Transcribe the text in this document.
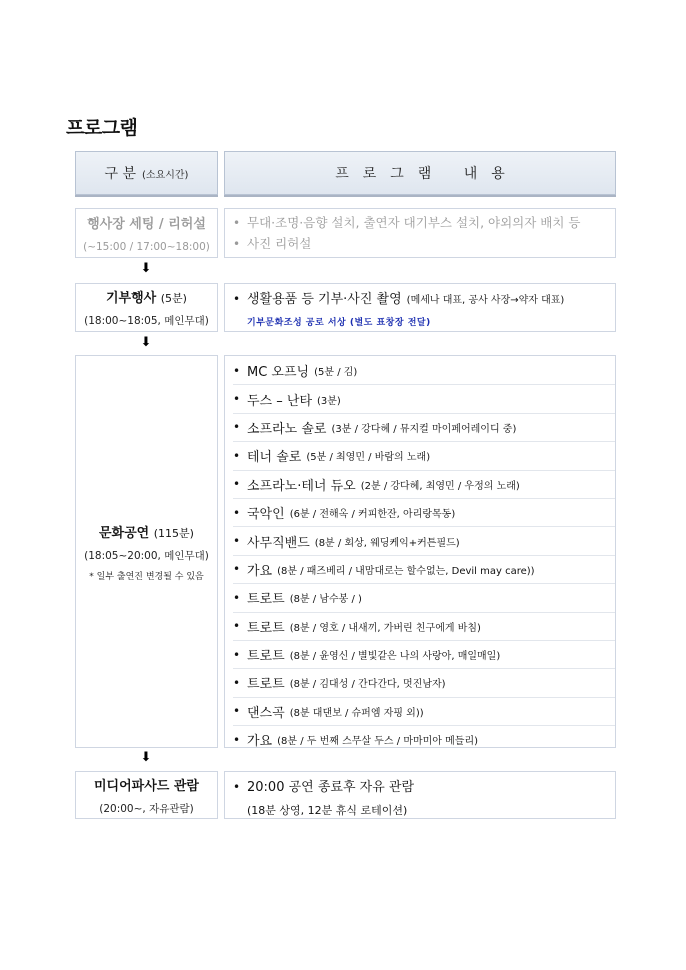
프로그램
구 분 (소요시간)	프로그램 내용
행사장 세팅 / 리허설
(~15:00 / 17:00~18:00)
• 무대·조명·음향 설치, 출연자 대기부스 설치, 야외의자 배치 등
• 사진 리허설
⬇
기부행사 (5분)
(18:00~18:05, 메인무대)
• 생활용품 등 기부·사진 촬영 (메세나 대표, 공사 사장→약자 대표)
기부문화조성 공로 서상 (별도 표창장 전달)
⬇
문화공연 (115분)
(18:05~20:00, 메인무대)
* 일부 출연진 변경될 수 있음
• MC 오프닝 (5분 / 김)
• 두스 – 난타 (3분)
• 소프라노 솔로 (3분 / 강다혜 / 뮤지컬 마이페어레이디 중)
• 테너 솔로 (5분 / 최영민 / 바람의 노래)
• 소프라노·테너 듀오 (2분 / 강다혜, 최영민 / 우정의 노래)
• 국악인 (6분 / 전해옥 / 커피한잔, 아리랑목동)
• 사무직밴드 (8분 / 회상, 웨딩케익+커튼필드)
• 가요 (8분 / 패즈베리 / 내맘대로는 할수없는, Devil may care))
• 트로트 (8분 / 남수봉 / )
• 트로트 (8분 / 영호 / 내새끼, 가버린 친구에게 바침)
• 트로트 (8분 / 윤영신 / 별빛같은 나의 사랑아, 매일매일)
• 트로트 (8분 / 김대성 / 간다간다, 멋진남자)
• 댄스곡 (8분 대댄보 / 슈퍼엠 자핑 외))
• 가요 (8분 / 두 번째 스무살 두스 / 마마미아 메들리)
⬇
미디어파사드 관람
(20:00~, 자유관람)
• 20:00 공연 종료후 자유 관람
(18분 상영, 12분 휴식 로테이션)
